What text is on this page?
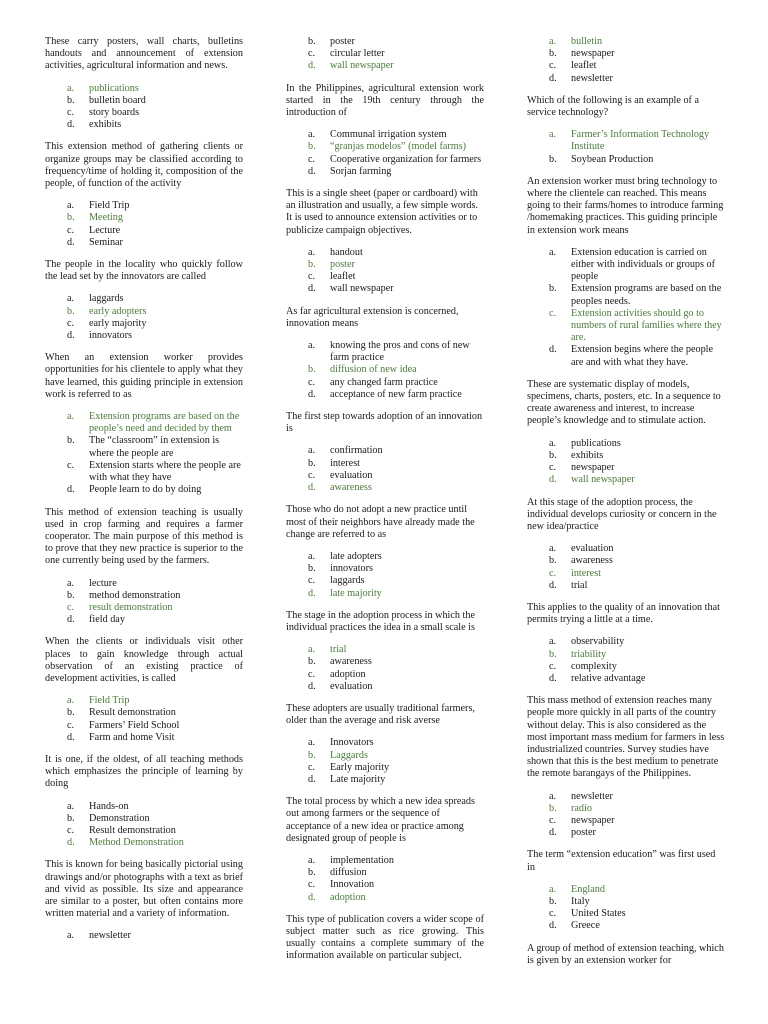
These carry posters, wall charts, bulletins handouts and announcement of extension activities, agricultural information and news.

a.	publications
b.	bulletin board
c.	story boards
d.	exhibits

This extension method of gathering clients or organize groups may be classified according to frequency/time of holding it, composition of the people, of function of the activity

a.	Field Trip
b.	Meeting
c.	Lecture
d.	Seminar

The people in the locality who quickly follow the lead set by the innovators are called

a.	laggards
b.	early adopters
c.	early majority
d.	innovators

When an extension worker provides opportunities for his clientele to apply what they have learned, this guiding principle in extension work is referred to as

a.	Extension programs are based on the people’s need and decided by them
b.	The “classroom” in extension is where the people are
c.	Extension starts where the people are with what they have
d.	People learn to do by doing

This method of extension teaching is usually used in crop farming and requires a farmer cooperator. The main purpose of this method is to prove that they new practice is superior to the one currently being used by the farmers.

a.	lecture
b.	method demonstration
c.	result demonstration
d.	field day

When the clients or individuals visit other places to gain knowledge through actual observation of an existing practice of development activities, is called

a.	Field Trip
b.	Result demonstration
c.	Farmers’ Field School
d.	Farm and home Visit

It is one, if the oldest, of all teaching methods which emphasizes the principle of learning by doing

a.	Hands-on
b.	Demonstration
c.	Result demonstration
d.	Method Demonstration

This is known for being basically pictorial using drawings and/or photographs with a text as brief and vivid as possible. Its size and appearance are similar to a poster, but often contains more written material and a variety of information.

a.	newsletter
b.	poster
c.	circular letter
d.	wall newspaper

In the Philippines, agricultural extension work started in the 19th century through the introduction of

a.	Communal irrigation system
b.	“granjas modelos” (model farms)
c.	Cooperative organization for farmers
d.	Sorjan farming

This is a single sheet (paper or cardboard) with an illustration and usually, a few simple words. It is used to announce extension activities or to publicize campaign objectives.

a.	handout
b.	poster
c.	leaflet
d.	wall newspaper

As far agricultural extension is concerned, innovation means

a.	knowing the pros and cons of new farm practice
b.	diffusion of new idea
c.	any changed farm practice
d.	acceptance of new farm practice

The first step towards adoption of an innovation is

a.	confirmation
b.	interest
c.	evaluation
d.	awareness

Those who do not adopt a new practice until most of their neighbors have already made the change are referred to as

a.	late adopters
b.	innovators
c.	laggards
d.	late majority

The stage in the adoption process in which the individual practices the idea in a small scale is

a.	trial
b.	awareness
c.	adoption
d.	evaluation

These adopters are usually traditional farmers, older than the average and risk averse

a.	Innovators
b.	Laggards
c.	Early majority
d.	Late majority

The total process by which a new idea spreads out among farmers or the sequence of acceptance of a new idea or practice among designated group of people is

a.	implementation
b.	diffusion
c.	Innovation
d.	adoption

This type of publication covers a wider scope of subject matter such as rice growing. This usually contains a complete summary of the information available on particular subject.

a.	bulletin
b.	newspaper
c.	leaflet
d.	newsletter

Which of the following is an example of a service technology?

a.	Farmer’s Information Technology Institute
b.	Soybean Production

An extension worker must bring technology to where the clientele can reached. This means going to their farms/homes to introduce farming /homemaking practices. This guiding principle in extension work means

a.	Extension education is carried on either with individuals or groups of people
b.	Extension programs are based on the peoples needs.
c.	Extension activities should go to numbers of rural families where they are.
d.	Extension begins where the people are and with what they have.

These are systematic display of models, specimens, charts, posters, etc. In a sequence to create awareness and interest, to increase people’s knowledge and to stimulate action.

a.	publications
b.	exhibits
c.	newspaper
d.	wall newspaper

At this stage of the adoption process, the individual develops curiosity or concern in the new idea/practice

a.	evaluation
b.	awareness
c.	interest
d.	trial

This applies to the quality of an innovation that permits trying a little at a time.

a.	observability
b.	triability
c.	complexity
d.	relative advantage

This mass method of extension reaches many people more quickly in all parts of the country without delay. This is also considered as the most important mass medium for farmers in less industrialized countries. Survey studies have shown that this is the best medium to penetrate the remote barangays of the Philippines.

a.	newsletter
b.	radio
c.	newspaper
d.	poster

The term “extension education” was first used in

a.	England
b.	Italy
c.	United States
d.	Greece

A group of method of extension teaching, which is given by an extension worker for
